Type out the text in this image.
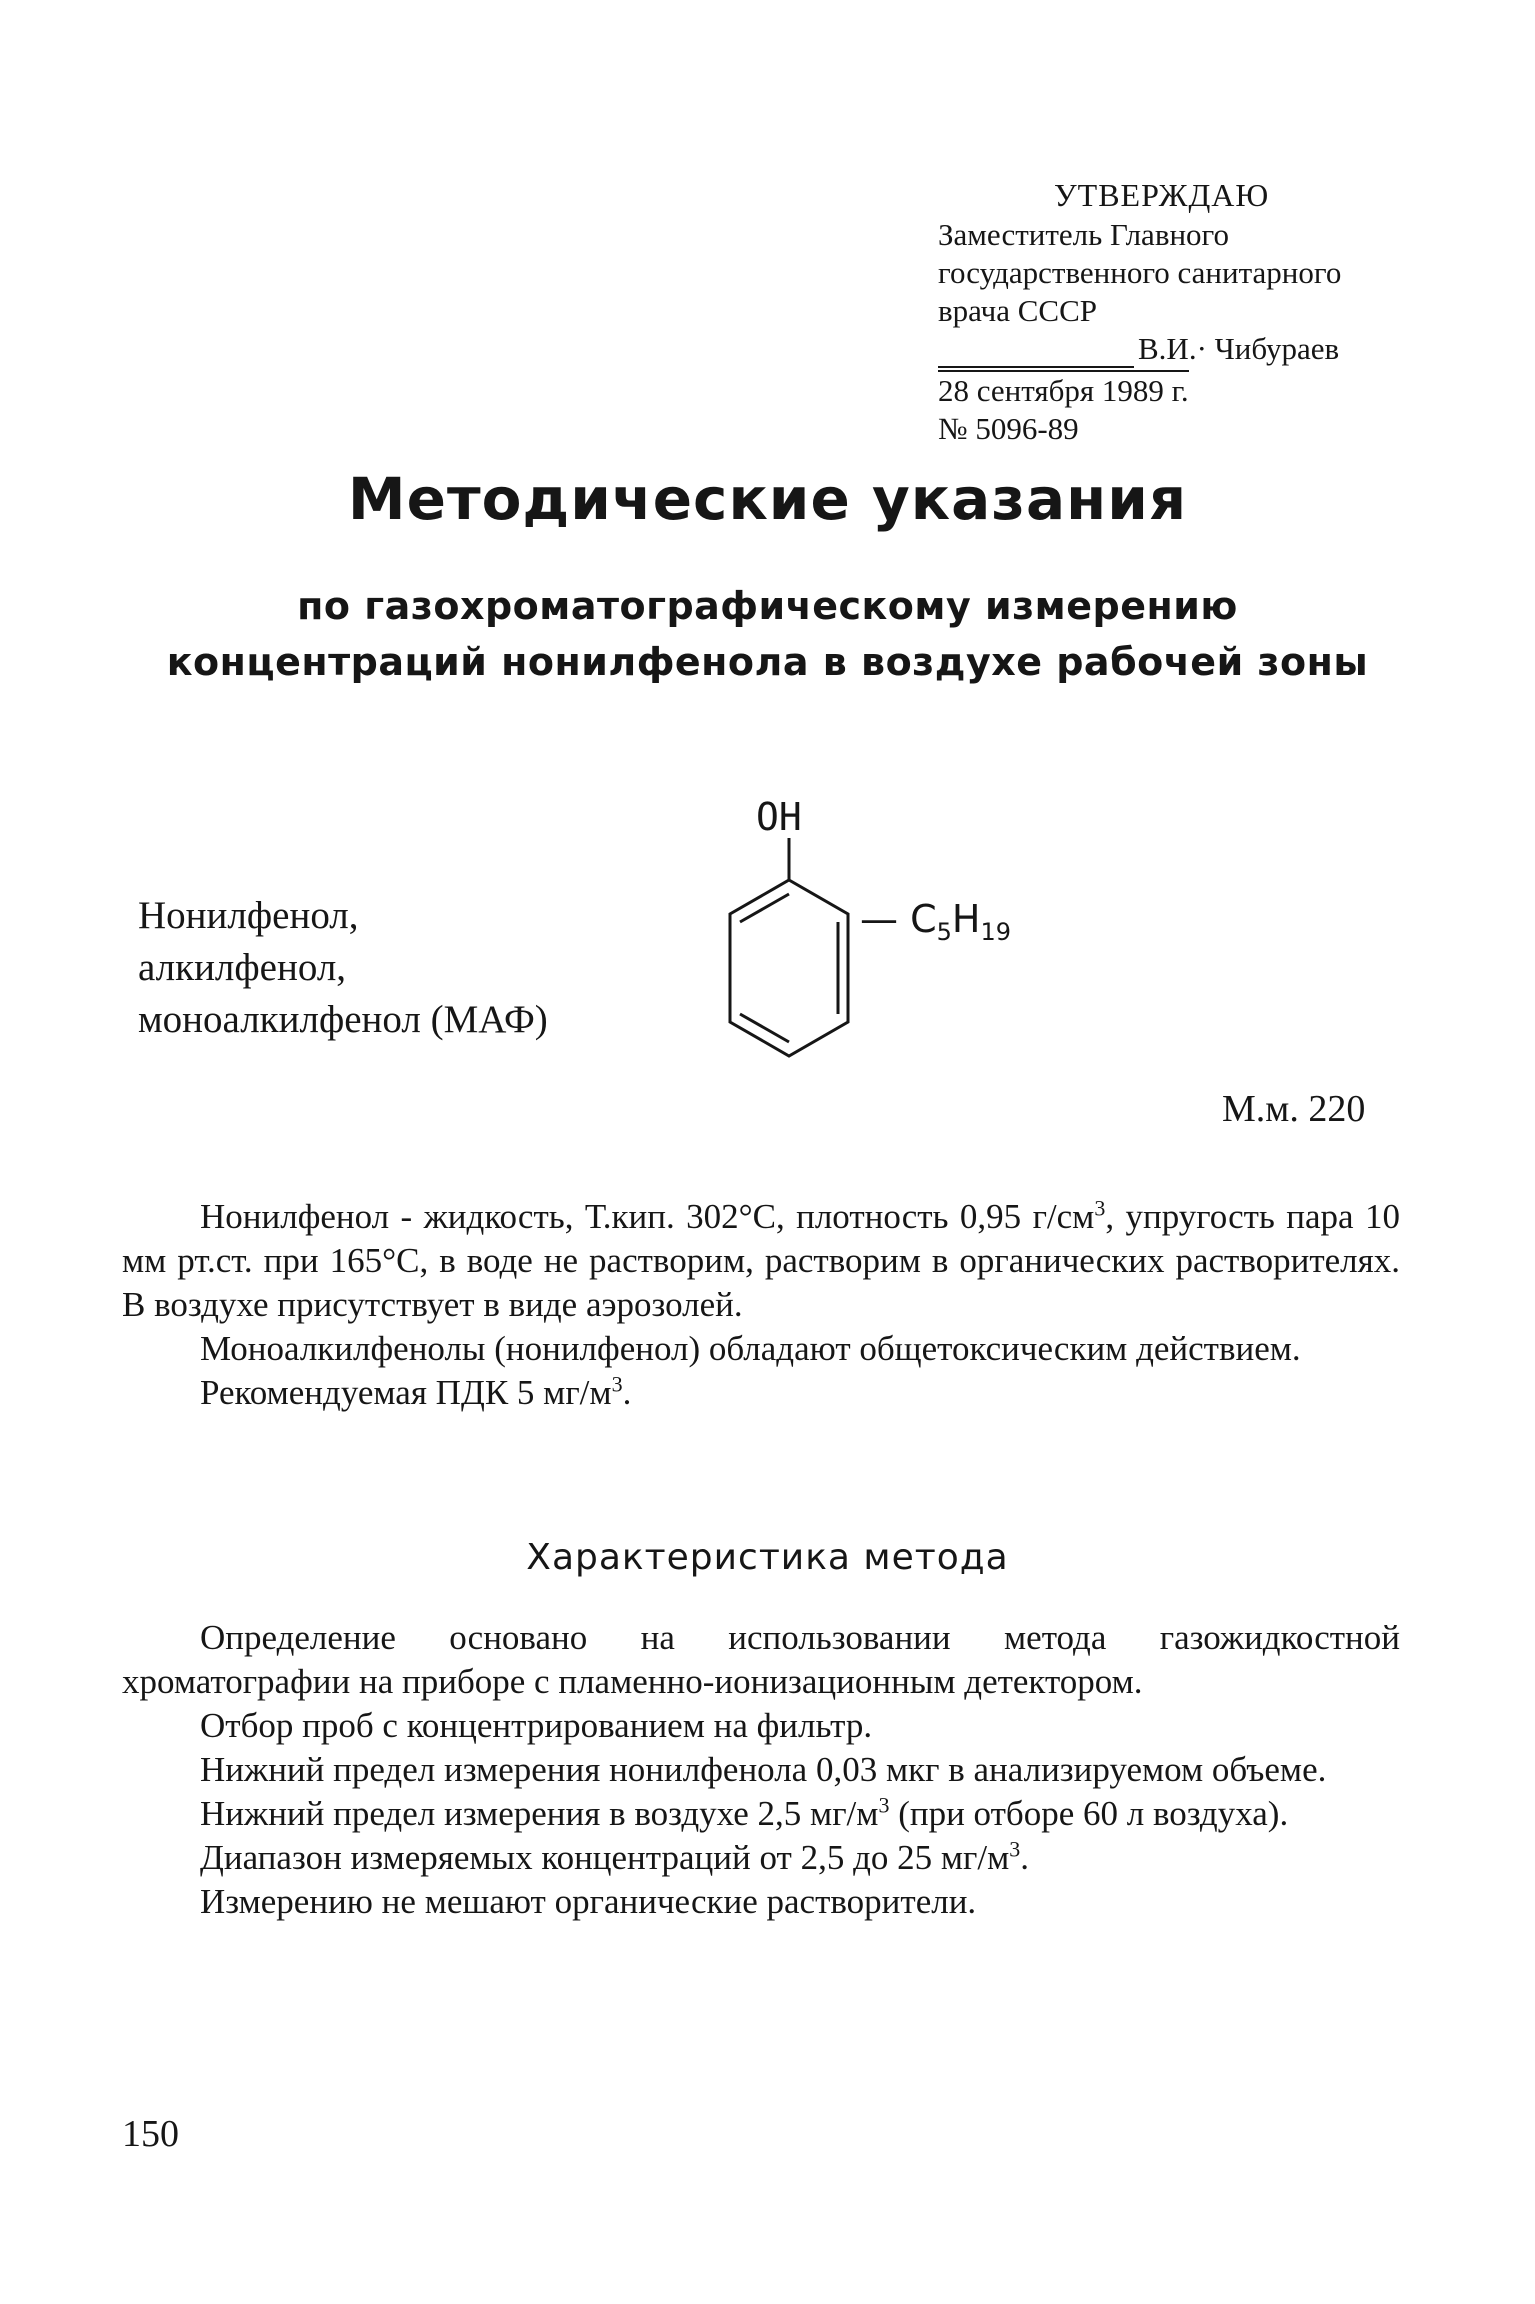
УТВЕРЖДАЮ
Заместитель Главного
государственного санитарного
врача СССР
В.И.· Чибураев
28 сентября 1989 г.
№ 5096-89
Методические указания
по газохроматографическому измерению
концентраций нонилфенола в воздухе рабочей зоны
Нонилфенол,
алкилфенол,
моноалкилфенол (МАФ)
OH
— $C_5H_{19}$
М.м. 220

Нонилфенол - жидкость, Т.кип. 302°С, плотность 0,95 $г/см^3$, упругость пара 10 мм рт.ст. при 165°С, в воде не растворим, растворим в органических растворителях. В воздухе присутствует в виде аэрозолей.

Моноалкилфенолы (нонилфенол) обладают общетоксическим действием.

Рекомендуемая ПДК 5 $мг/м^3$.

Характеристика метода

Определение основано на использовании метода газожидкостной хроматографии на приборе с пламенно-ионизационным детектором.

Отбор проб с концентрированием на фильтр.

Нижний предел измерения нонилфенола 0,03 мкг в анализируемом объеме.

Нижний предел измерения в воздухе 2,5 $мг/м^3$ (при отборе 60 л воздуха).

Диапазон измеряемых концентраций от 2,5 до 25 $мг/м^3$.

Измерению не мешают органические растворители.

150
